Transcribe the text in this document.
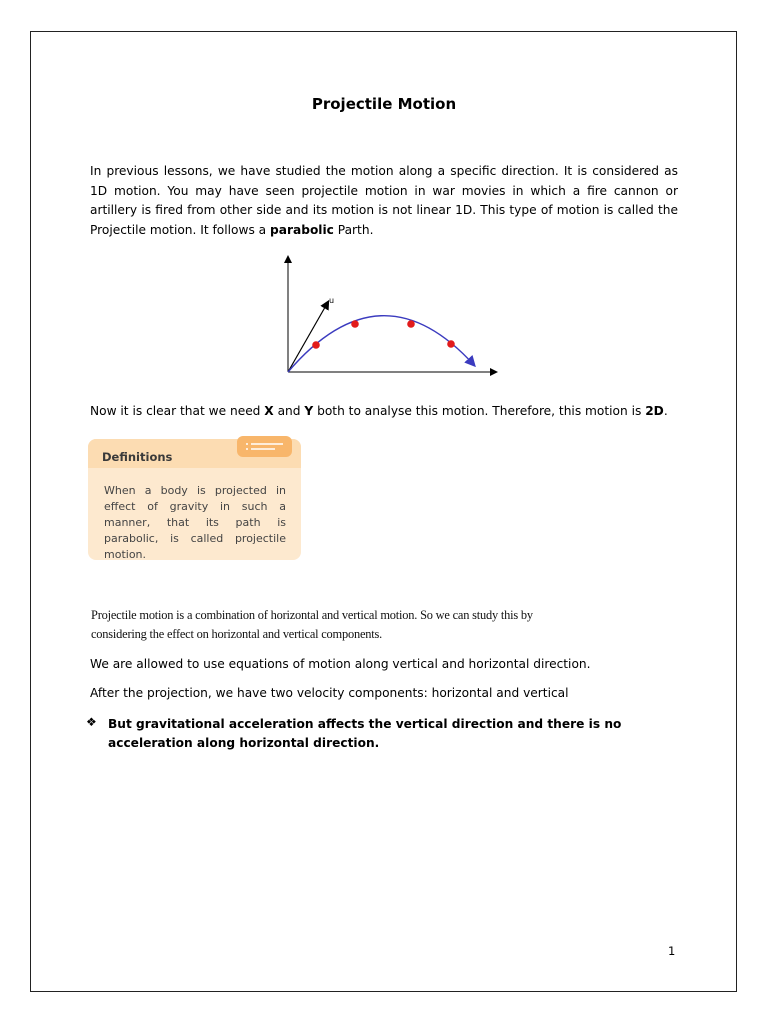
Projectile Motion
In previous lessons, we have studied the motion along a specific direction. It is considered as 1D motion. You may have seen projectile motion in war movies in which a fire cannon or artillery is fired from other side and its motion is not linear 1D. This type of motion is called the Projectile motion. It follows a parabolic Parth.
u
Now it is clear that we need X and Y both to analyse this motion. Therefore, this motion is 2D.
Definitions
When a body is projected in effect of gravity in such a manner, that its path is parabolic, is called projectile motion.
Projectile motion is a combination of horizontal and vertical motion. So we can study this by considering the effect on horizontal and vertical components.
We are allowed to use equations of motion along vertical and horizontal direction.
After the projection, we have two velocity components: horizontal and vertical
❖ But gravitational acceleration affects the vertical direction and there is no acceleration along horizontal direction.
1
